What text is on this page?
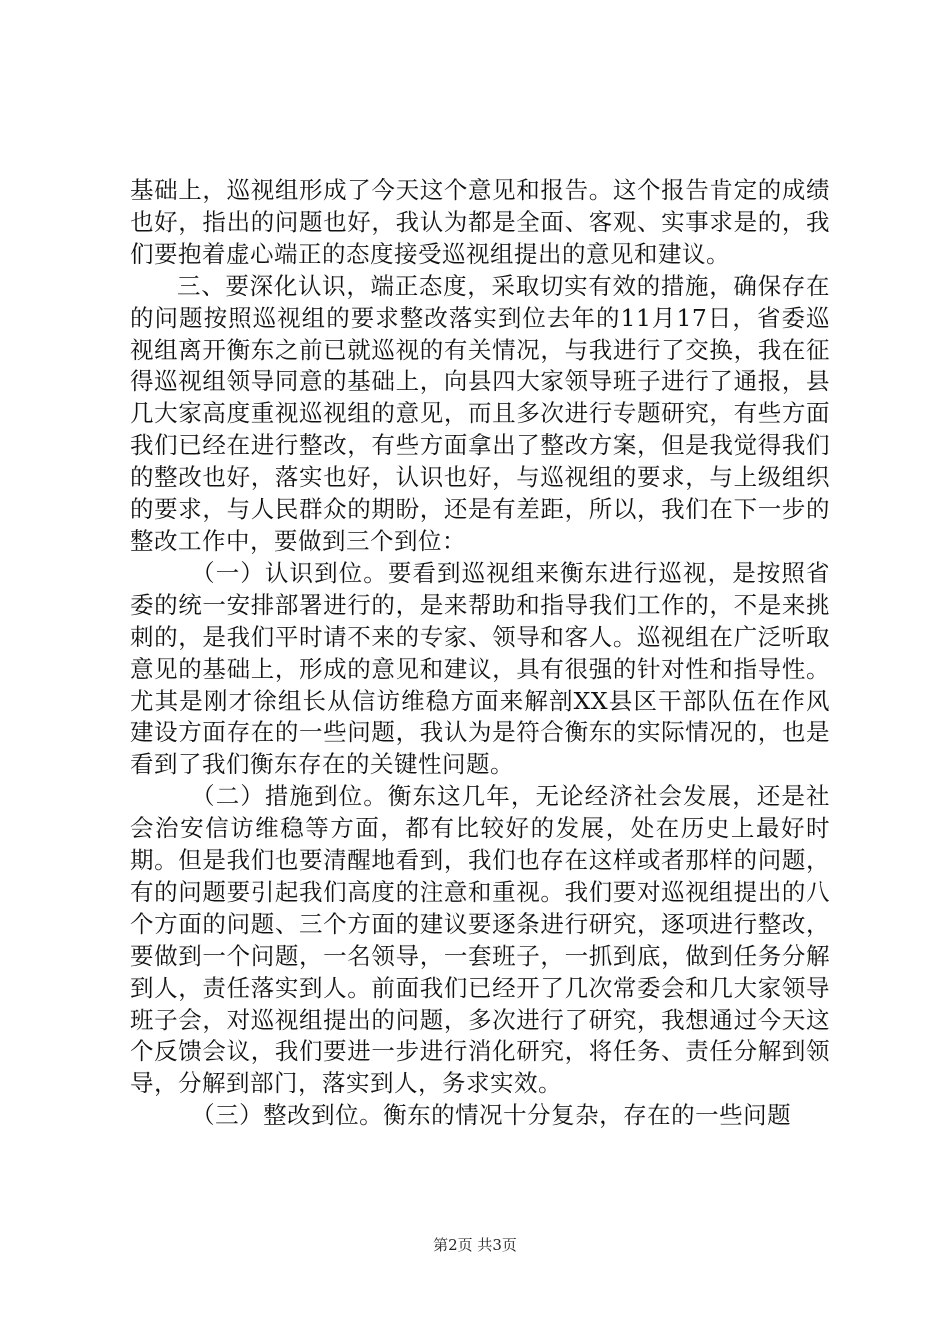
基础上，巡视组形成了今天这个意见和报告。这个报告肯定的成绩也好，指出的问题也好，我认为都是全面、客观、实事求是的，我们要抱着虚心端正的态度接受巡视组提出的意见和建议。

三、要深化认识，端正态度，采取切实有效的措施，确保存在的问题按照巡视组的要求整改落实到位去年的11月17日，省委巡视组离开衡东之前已就巡视的有关情况，与我进行了交换，我在征得巡视组领导同意的基础上，向县四大家领导班子进行了通报，县几大家高度重视巡视组的意见，而且多次进行专题研究，有些方面我们已经在进行整改，有些方面拿出了整改方案，但是我觉得我们的整改也好，落实也好，认识也好，与巡视组的要求，与上级组织的要求，与人民群众的期盼，还是有差距，所以，我们在下一步的整改工作中，要做到三个到位：

（一）认识到位。要看到巡视组来衡东进行巡视，是按照省委的统一安排部署进行的，是来帮助和指导我们工作的，不是来挑刺的，是我们平时请不来的专家、领导和客人。巡视组在广泛听取意见的基础上，形成的意见和建议，具有很强的针对性和指导性。尤其是刚才徐组长从信访维稳方面来解剖XX县区干部队伍在作风建设方面存在的一些问题，我认为是符合衡东的实际情况的，也是看到了我们衡东存在的关键性问题。

（二）措施到位。衡东这几年，无论经济社会发展，还是社会治安信访维稳等方面，都有比较好的发展，处在历史上最好时期。但是我们也要清醒地看到，我们也存在这样或者那样的问题，有的问题要引起我们高度的注意和重视。我们要对巡视组提出的八个方面的问题、三个方面的建议要逐条进行研究，逐项进行整改，要做到一个问题，一名领导，一套班子，一抓到底，做到任务分解到人，责任落实到人。前面我们已经开了几次常委会和几大家领导班子会，对巡视组提出的问题，多次进行了研究，我想通过今天这个反馈会议，我们要进一步进行消化研究，将任务、责任分解到领导，分解到部门，落实到人，务求实效。

（三）整改到位。衡东的情况十分复杂，存在的一些问题

第2页 共3页
